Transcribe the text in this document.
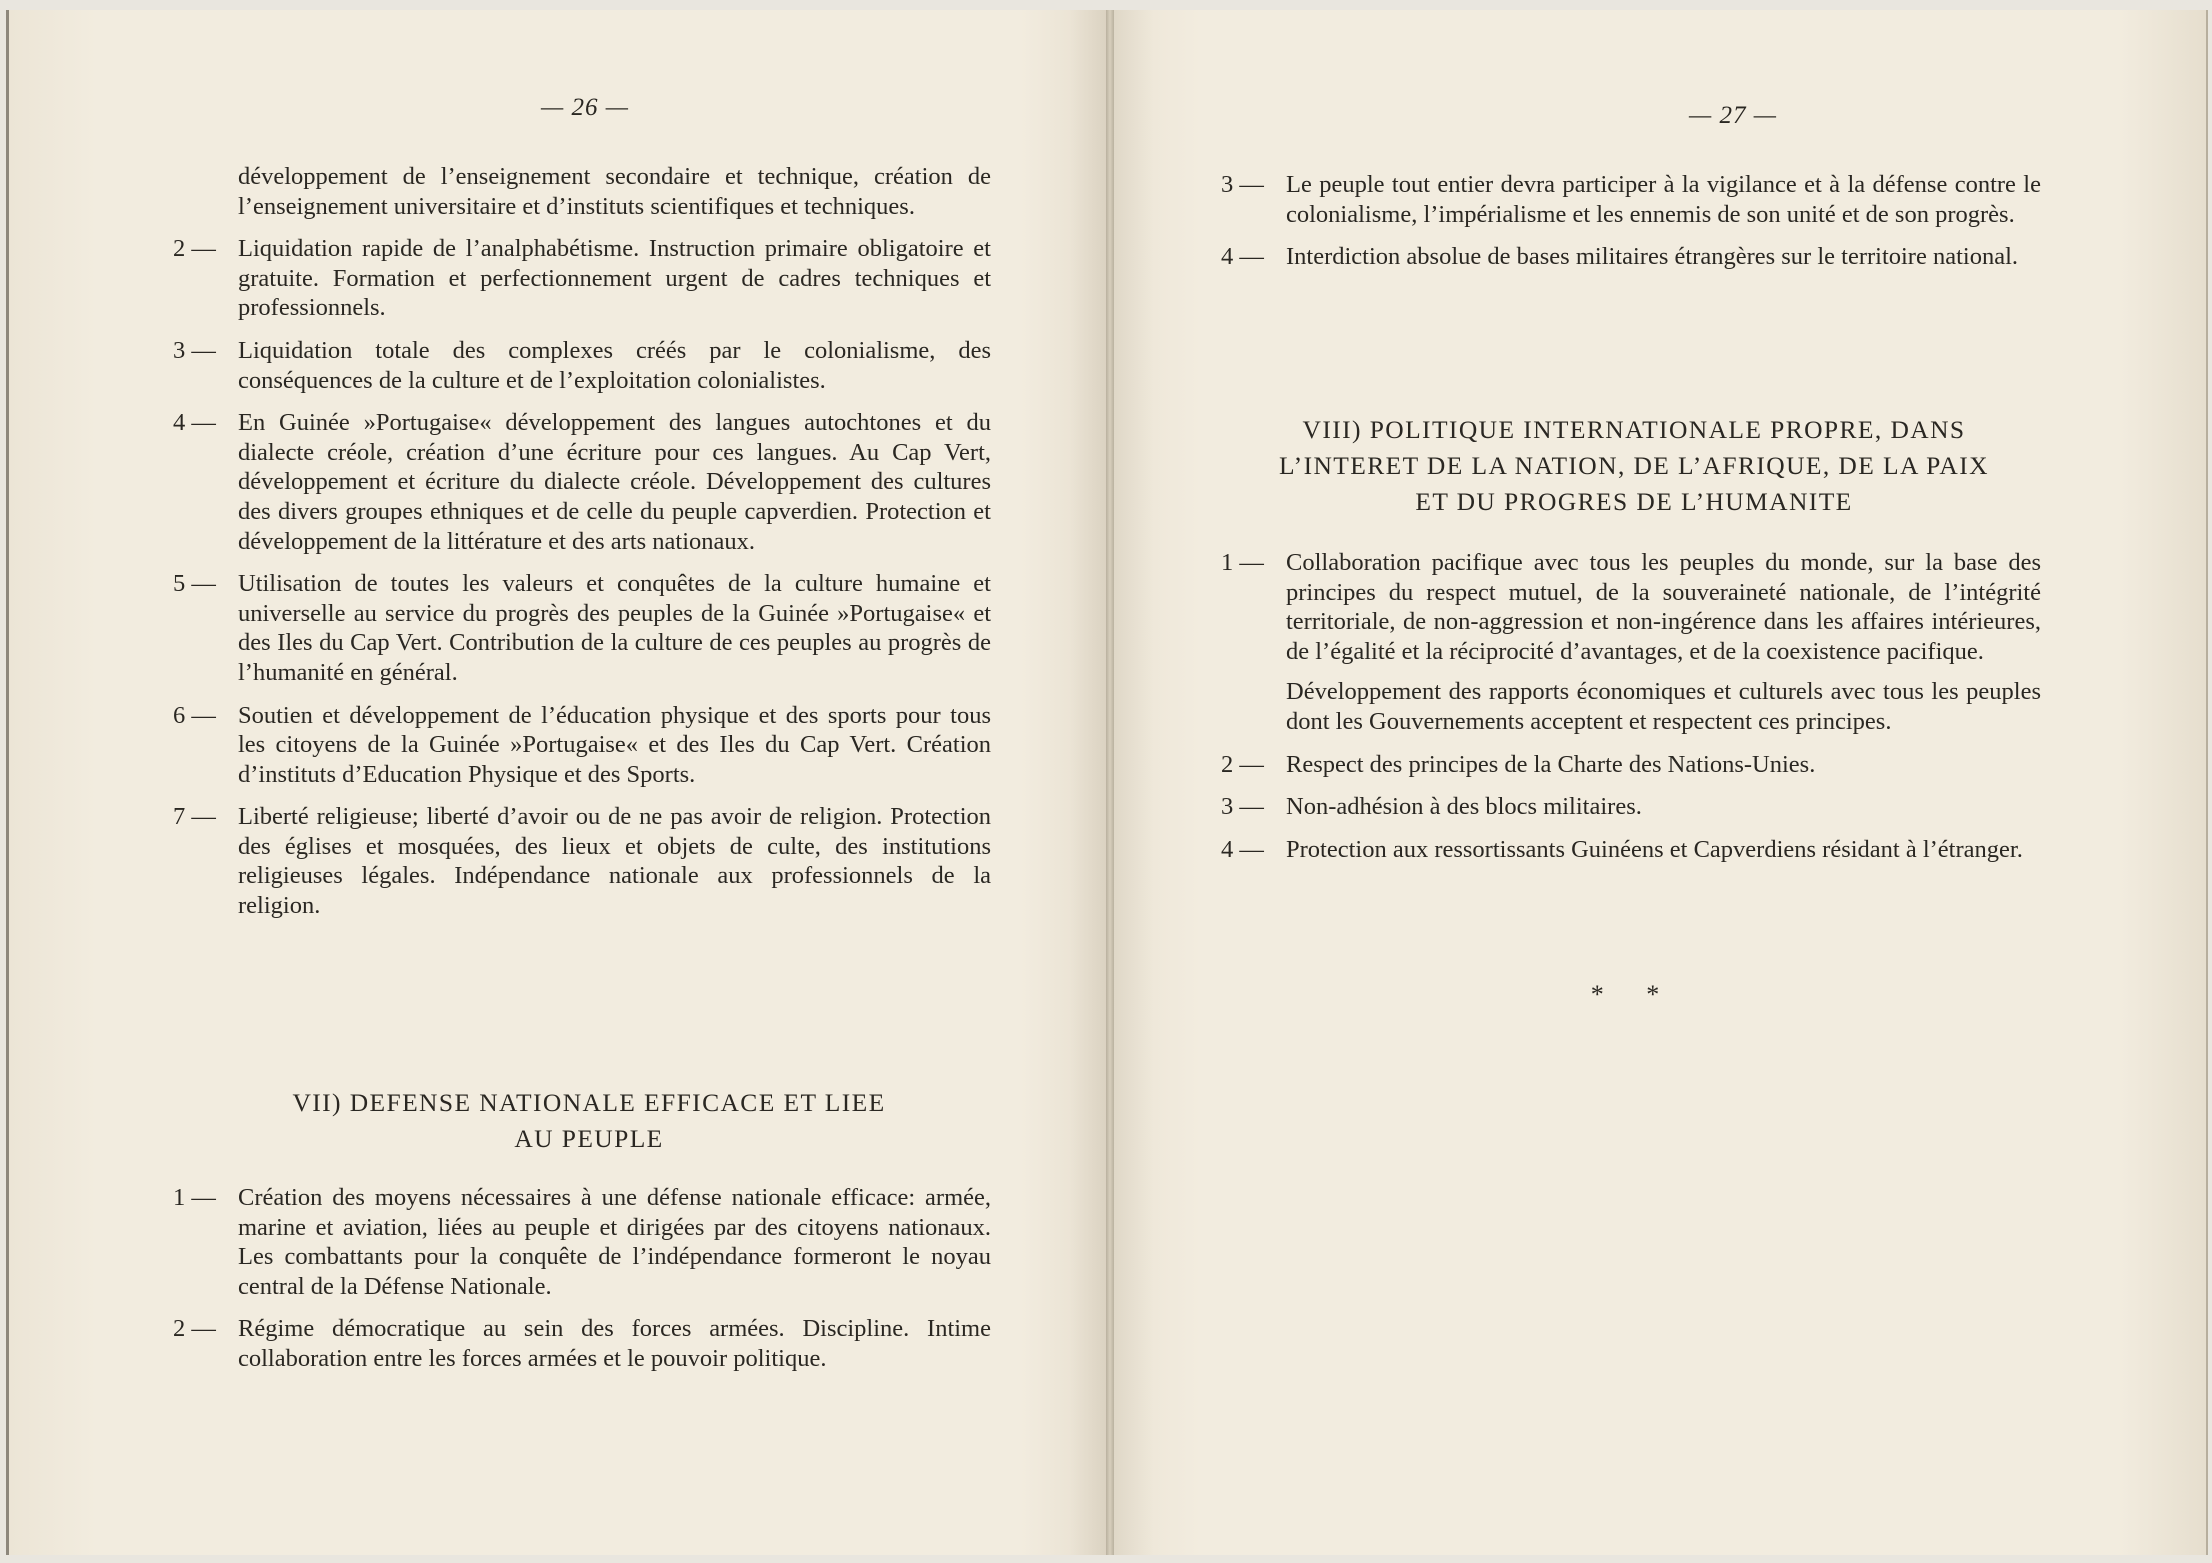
— 26 —
développement de l’enseignement secondaire et technique, création de l’enseignement universitaire et d’instituts scientifiques et techniques.
2 — Liquidation rapide de l’analphabétisme. Instruction primaire obligatoire et gratuite. Formation et perfectionnement urgent de cadres techniques et professionnels.
3 — Liquidation totale des complexes créés par le colonialisme, des conséquences de la culture et de l’exploitation colonialistes.
4 — En Guinée »Portugaise« développement des langues autochtones et du dialecte créole, création d’une écriture pour ces langues. Au Cap Vert, développement et écriture du dialecte créole. Développement des cultures des divers groupes ethniques et de celle du peuple capverdien. Protection et développement de la littérature et des arts nationaux.
5 — Utilisation de toutes les valeurs et conquêtes de la culture humaine et universelle au service du progrès des peuples de la Guinée »Portugaise« et des Iles du Cap Vert. Contribution de la culture de ces peuples au progrès de l’humanité en général.
6 — Soutien et développement de l’éducation physique et des sports pour tous les citoyens de la Guinée »Portugaise« et des Iles du Cap Vert. Création d’instituts d’Education Physique et des Sports.
7 — Liberté religieuse; liberté d’avoir ou de ne pas avoir de religion. Protection des églises et mosquées, des lieux et objets de culte, des institutions religieuses légales. Indépendance nationale aux professionnels de la religion.
VII) DEFENSE NATIONALE EFFICACE ET LIEE
AU PEUPLE
1 — Création des moyens nécessaires à une défense nationale efficace: armée, marine et aviation, liées au peuple et dirigées par des citoyens nationaux. Les combattants pour la conquête de l’indépendance formeront le noyau central de la Défense Nationale.
2 — Régime démocratique au sein des forces armées. Discipline. Intime collaboration entre les forces armées et le pouvoir politique.
— 27 —
3 — Le peuple tout entier devra participer à la vigilance et à la défense contre le colonialisme, l’impérialisme et les ennemis de son unité et de son progrès.
4 — Interdiction absolue de bases militaires étrangères sur le territoire national.
VIII) POLITIQUE INTERNATIONALE PROPRE, DANS
L’INTERET DE LA NATION, DE L’AFRIQUE, DE LA PAIX
ET DU PROGRES DE L’HUMANITE
1 — Collaboration pacifique avec tous les peuples du monde, sur la base des principes du respect mutuel, de la souveraineté nationale, de l’intégrité territoriale, de non-aggression et non-ingérence dans les affaires intérieures, de l’égalité et la réciprocité d’avantages, et de la coexistence pacifique.

Développement des rapports économiques et culturels avec tous les peuples dont les Gouvernements acceptent et respectent ces principes.

2 — Respect des principes de la Charte des Nations-Unies.
3 — Non-adhésion à des blocs militaires.
4 — Protection aux ressortissants Guinéens et Capverdiens résidant à l’étranger.
* *
